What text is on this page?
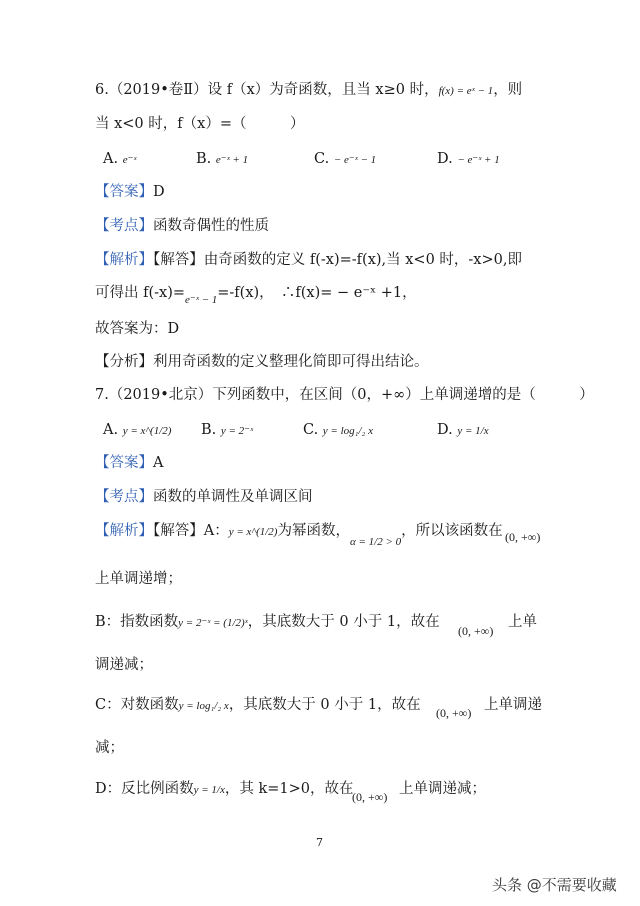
6.（2019•卷Ⅱ）设 f（x）为奇函数，且当 x≥0 时，f(x) = eˣ − 1，则
当 x<0 时，f（x）=（　　　）
A. e⁻ˣ	B. e⁻ˣ + 1	C. − e⁻ˣ − 1	D. − e⁻ˣ + 1
【答案】D
【考点】函数奇偶性的性质
【解析】【解答】由奇函数的定义 f(-x)=-f(x),当 x<0 时，-x>0,即
可得出 $f(-x)=_{e^-ˣ - 1}=-f(x)$，　∴f(x)= − e⁻ˣ +1，
故答案为：D
【分析】利用奇函数的定义整理化简即可得出结论。
7.（2019•北京）下列函数中，在区间（0，+∞）上单调递增的是（　　　）
A. y = x^(1/2) B. y = 2⁻ˣ	C. y = log₁/₂ x	D. y = 1/x
【答案】A
【考点】函数的单调性及单调区间
【解析】【解答】A：y = x^(1/2)为幂函数，$_{\alpha = 1/2 > 0}$，所以该函数在 (0, +∞)
上单调递增；
B：指数函数y = 2⁻ˣ = (1/2)ˣ，其底数大于 0 小于 1，故在
(0, +∞)
上单
调递减；
C：对数函数y = log₁/₂ x，其底数大于 0 小于 1，故在 (0, +∞) 上单调递
减；
D：反比例函数y = 1/x，其 k=1>0，故在
(0, +∞) 上单调递减；
7
头条 @不需要收藏
